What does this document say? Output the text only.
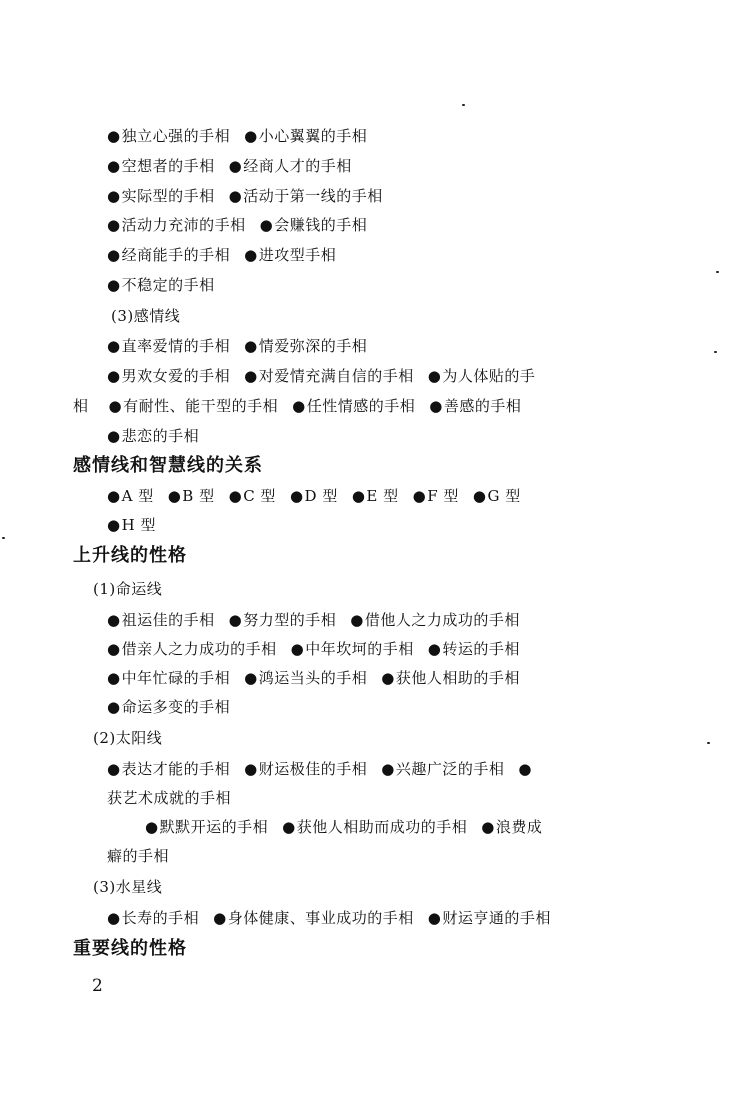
●独立心强的手相 ●小心翼翼的手相
●空想者的手相 ●经商人才的手相
●实际型的手相 ●活动于第一线的手相
●活动力充沛的手相 ●会赚钱的手相
●经商能手的手相 ●进攻型手相
●不稳定的手相
(3)感情线
●直率爱情的手相 ●情爱弥深的手相
●男欢女爱的手相 ●对爱情充满自信的手相 ●为人体贴的手
相 ●有耐性、能干型的手相 ●任性情感的手相 ●善感的手相
●悲恋的手相
感情线和智慧线的关系
●A 型 ●B 型 ●C 型 ●D 型 ●E 型 ●F 型 ●G 型
●H 型
上升线的性格
(1)命运线
●祖运佳的手相 ●努力型的手相 ●借他人之力成功的手相
●借亲人之力成功的手相 ●中年坎坷的手相 ●转运的手相
●中年忙碌的手相 ●鸿运当头的手相 ●获他人相助的手相
●命运多变的手相
(2)太阳线
●表达才能的手相 ●财运极佳的手相 ●兴趣广泛的手相 ●
获艺术成就的手相
●默默开运的手相 ●获他人相助而成功的手相 ●浪费成
癖的手相
(3)水星线
●长寿的手相 ●身体健康、事业成功的手相 ●财运亨通的手相
重要线的性格
2
